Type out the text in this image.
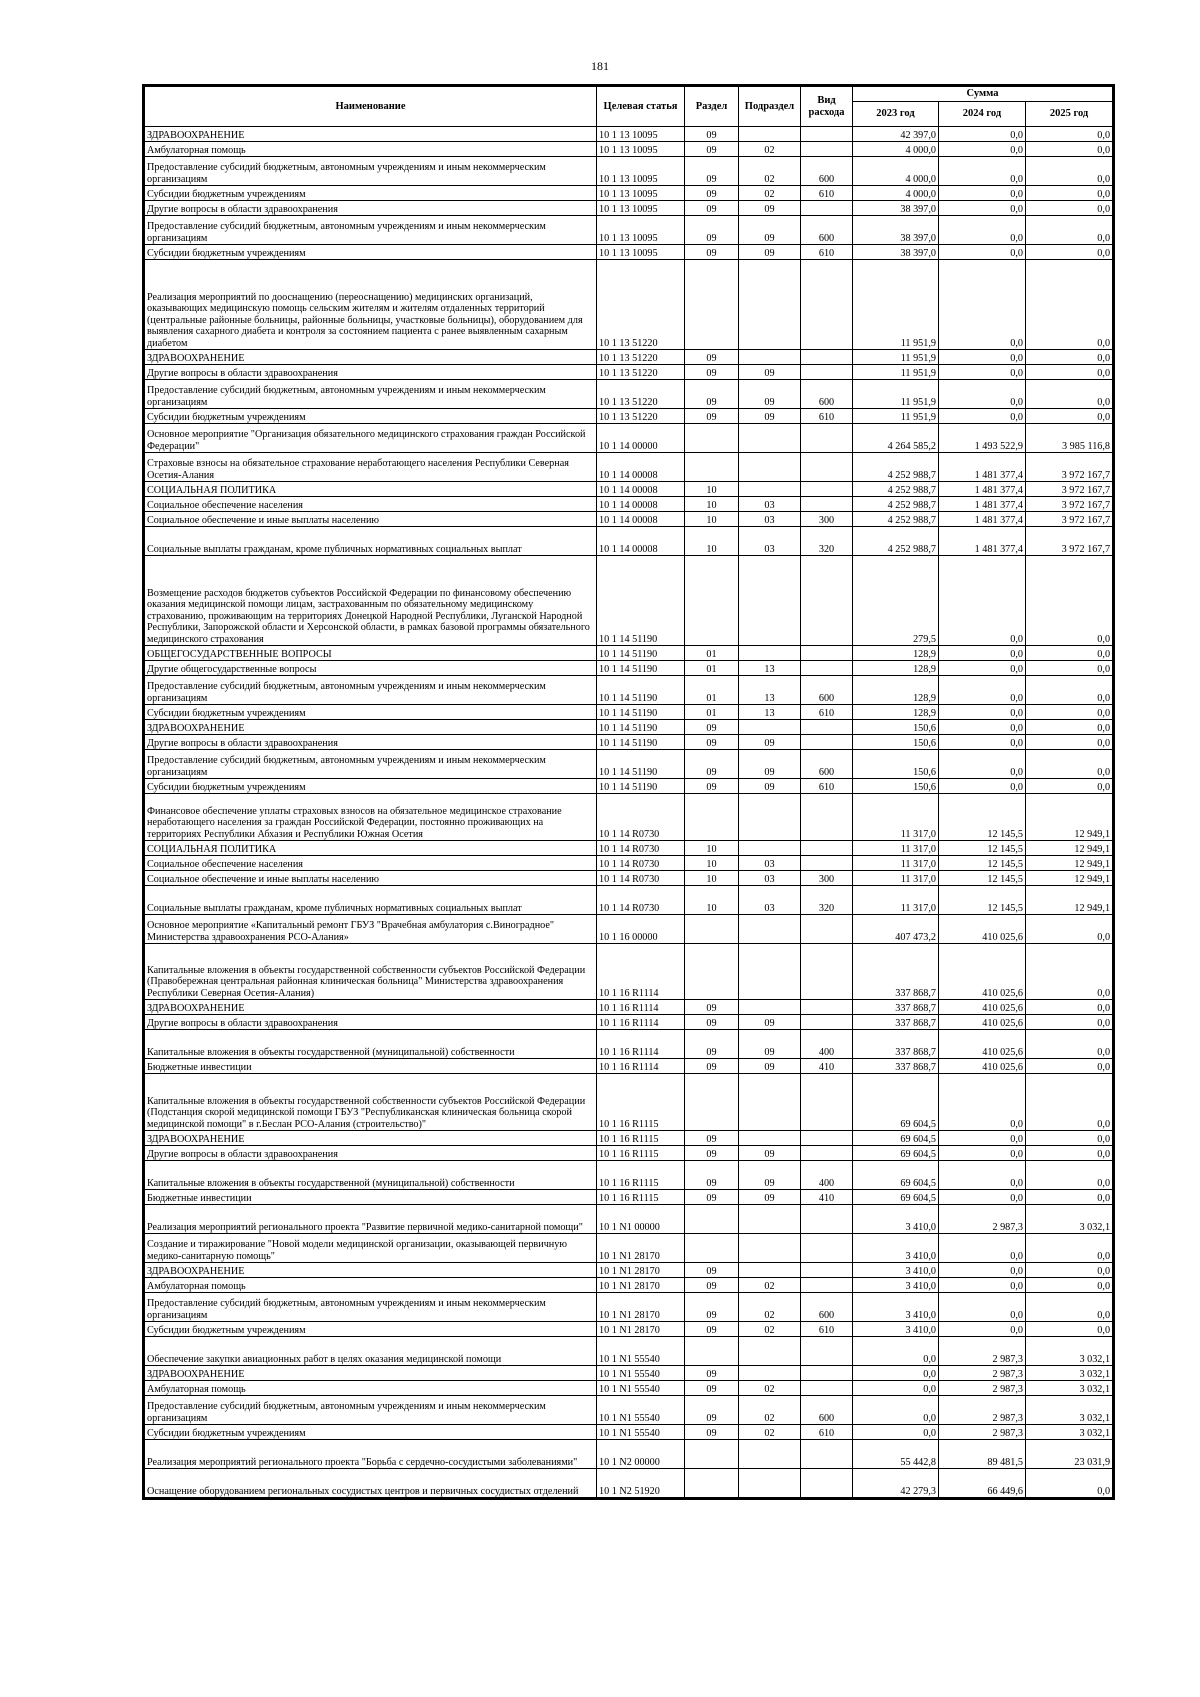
181
Наименование	Целевая статья	Раздел	Подраздел	Вид расхода	Сумма		
					2023 год	2024 год	2025 год
ЗДРАВООХРАНЕНИЕ	10 1 13 10095	09			42 397,0	0,0	0,0
Амбулаторная помощь	10 1 13 10095	09	02		4 000,0	0,0	0,0
Предоставление субсидий бюджетным, автономным учреждениям и иным некоммерческим организациям	10 1 13 10095	09	02	600	4 000,0	0,0	0,0
Субсидии бюджетным учреждениям	10 1 13 10095	09	02	610	4 000,0	0,0	0,0
Другие вопросы в области здравоохранения	10 1 13 10095	09	09		38 397,0	0,0	0,0
Предоставление субсидий бюджетным, автономным учреждениям и иным некоммерческим организациям	10 1 13 10095	09	09	600	38 397,0	0,0	0,0
Субсидии бюджетным учреждениям	10 1 13 10095	09	09	610	38 397,0	0,0	0,0
Реализация мероприятий по дооснащению (переоснащению) медицинских организаций, оказывающих медицинскую помощь сельским жителям и жителям отдаленных территорий (центральные районные больницы, районные больницы, участковые больницы), оборудованием для выявления сахарного диабета и контроля за состоянием пациента с ранее выявленным сахарным диабетом	10 1 13 51220				11 951,9	0,0	0,0
ЗДРАВООХРАНЕНИЕ	10 1 13 51220	09			11 951,9	0,0	0,0
Другие вопросы в области здравоохранения	10 1 13 51220	09	09		11 951,9	0,0	0,0
Предоставление субсидий бюджетным, автономным учреждениям и иным некоммерческим организациям	10 1 13 51220	09	09	600	11 951,9	0,0	0,0
Субсидии бюджетным учреждениям	10 1 13 51220	09	09	610	11 951,9	0,0	0,0
Основное мероприятие "Организация обязательного медицинского страхования граждан Российской Федерации"	10 1 14 00000				4 264 585,2	1 493 522,9	3 985 116,8
Страховые взносы на обязательное страхование неработающего населения Республики Северная Осетия-Алания	10 1 14 00008				4 252 988,7	1 481 377,4	3 972 167,7
СОЦИАЛЬНАЯ ПОЛИТИКА	10 1 14 00008	10			4 252 988,7	1 481 377,4	3 972 167,7
Социальное обеспечение населения	10 1 14 00008	10	03		4 252 988,7	1 481 377,4	3 972 167,7
Социальное обеспечение и иные выплаты населению	10 1 14 00008	10	03	300	4 252 988,7	1 481 377,4	3 972 167,7
Социальные выплаты гражданам, кроме публичных нормативных социальных выплат	10 1 14 00008	10	03	320	4 252 988,7	1 481 377,4	3 972 167,7
Возмещение расходов бюджетов субъектов Российской Федерации по финансовому обеспечению оказания медицинской помощи лицам, застрахованным по обязательному медицинскому страхованию, проживающим на территориях Донецкой Народной Республики, Луганской Народной Республики, Запорожской области и Херсонской области, в рамках базовой программы обязательного медицинского страхования	10 1 14 51190				279,5	0,0	0,0
ОБЩЕГОСУДАРСТВЕННЫЕ ВОПРОСЫ	10 1 14 51190	01			128,9	0,0	0,0
Другие общегосударственные вопросы	10 1 14 51190	01	13		128,9	0,0	0,0
Предоставление субсидий бюджетным, автономным учреждениям и иным некоммерческим организациям	10 1 14 51190	01	13	600	128,9	0,0	0,0
Субсидии бюджетным учреждениям	10 1 14 51190	01	13	610	128,9	0,0	0,0
ЗДРАВООХРАНЕНИЕ	10 1 14 51190	09			150,6	0,0	0,0
Другие вопросы в области здравоохранения	10 1 14 51190	09	09		150,6	0,0	0,0
Предоставление субсидий бюджетным, автономным учреждениям и иным некоммерческим организациям	10 1 14 51190	09	09	600	150,6	0,0	0,0
Субсидии бюджетным учреждениям	10 1 14 51190	09	09	610	150,6	0,0	0,0
Финансовое обеспечение уплаты страховых взносов на обязательное медицинское страхование неработающего населения за граждан Российской Федерации, постоянно проживающих на территориях Республики Абхазия и Республики Южная Осетия	10 1 14 R0730				11 317,0	12 145,5	12 949,1
СОЦИАЛЬНАЯ ПОЛИТИКА	10 1 14 R0730	10			11 317,0	12 145,5	12 949,1
Социальное обеспечение населения	10 1 14 R0730	10	03		11 317,0	12 145,5	12 949,1
Социальное обеспечение и иные выплаты населению	10 1 14 R0730	10	03	300	11 317,0	12 145,5	12 949,1
Социальные выплаты гражданам, кроме публичных нормативных социальных выплат	10 1 14 R0730	10	03	320	11 317,0	12 145,5	12 949,1
Основное мероприятие «Капитальный ремонт ГБУЗ "Врачебная амбулатория с.Виноградное" Министерства здравоохранения РСО-Алания»	10 1 16 00000				407 473,2	410 025,6	0,0
Капитальные вложения в объекты государственной собственности субъектов Российской Федерации (Правобережная центральная районная клиническая больница" Министерства здравоохранения Республики Северная Осетия-Алания)	10 1 16 R1114				337 868,7	410 025,6	0,0
ЗДРАВООХРАНЕНИЕ	10 1 16 R1114	09			337 868,7	410 025,6	0,0
Другие вопросы в области здравоохранения	10 1 16 R1114	09	09		337 868,7	410 025,6	0,0
Капитальные вложения в объекты государственной (муниципальной) собственности	10 1 16 R1114	09	09	400	337 868,7	410 025,6	0,0
Бюджетные инвестиции	10 1 16 R1114	09	09	410	337 868,7	410 025,6	0,0
Капитальные вложения в объекты государственной собственности субъектов Российской Федерации (Подстанция скорой медицинской помощи ГБУЗ "Республиканская клиническая больница скорой медицинской помощи" в г.Беслан РСО-Алания (строительство)"	10 1 16 R1115				69 604,5	0,0	0,0
ЗДРАВООХРАНЕНИЕ	10 1 16 R1115	09			69 604,5	0,0	0,0
Другие вопросы в области здравоохранения	10 1 16 R1115	09	09		69 604,5	0,0	0,0
Капитальные вложения в объекты государственной (муниципальной) собственности	10 1 16 R1115	09	09	400	69 604,5	0,0	0,0
Бюджетные инвестиции	10 1 16 R1115	09	09	410	69 604,5	0,0	0,0
Реализация мероприятий регионального проекта "Развитие первичной медико-санитарной помощи"	10 1 N1 00000				3 410,0	2 987,3	3 032,1
Создание и тиражирование "Новой модели медицинской организации, оказывающей первичную медико-санитарную помощь"	10 1 N1 28170				3 410,0	0,0	0,0
ЗДРАВООХРАНЕНИЕ	10 1 N1 28170	09			3 410,0	0,0	0,0
Амбулаторная помощь	10 1 N1 28170	09	02		3 410,0	0,0	0,0
Предоставление субсидий бюджетным, автономным учреждениям и иным некоммерческим организациям	10 1 N1 28170	09	02	600	3 410,0	0,0	0,0
Субсидии бюджетным учреждениям	10 1 N1 28170	09	02	610	3 410,0	0,0	0,0
Обеспечение закупки авиационных работ в целях оказания медицинской помощи	10 1 N1 55540				0,0	2 987,3	3 032,1
ЗДРАВООХРАНЕНИЕ	10 1 N1 55540	09			0,0	2 987,3	3 032,1
Амбулаторная помощь	10 1 N1 55540	09	02		0,0	2 987,3	3 032,1
Предоставление субсидий бюджетным, автономным учреждениям и иным некоммерческим организациям	10 1 N1 55540	09	02	600	0,0	2 987,3	3 032,1
Субсидии бюджетным учреждениям	10 1 N1 55540	09	02	610	0,0	2 987,3	3 032,1
Реализация мероприятий регионального проекта "Борьба с сердечно-сосудистыми заболеваниями"	10 1 N2 00000				55 442,8	89 481,5	23 031,9
Оснащение оборудованием региональных сосудистых центров и первичных сосудистых отделений	10 1 N2 51920				42 279,3	66 449,6	0,0
